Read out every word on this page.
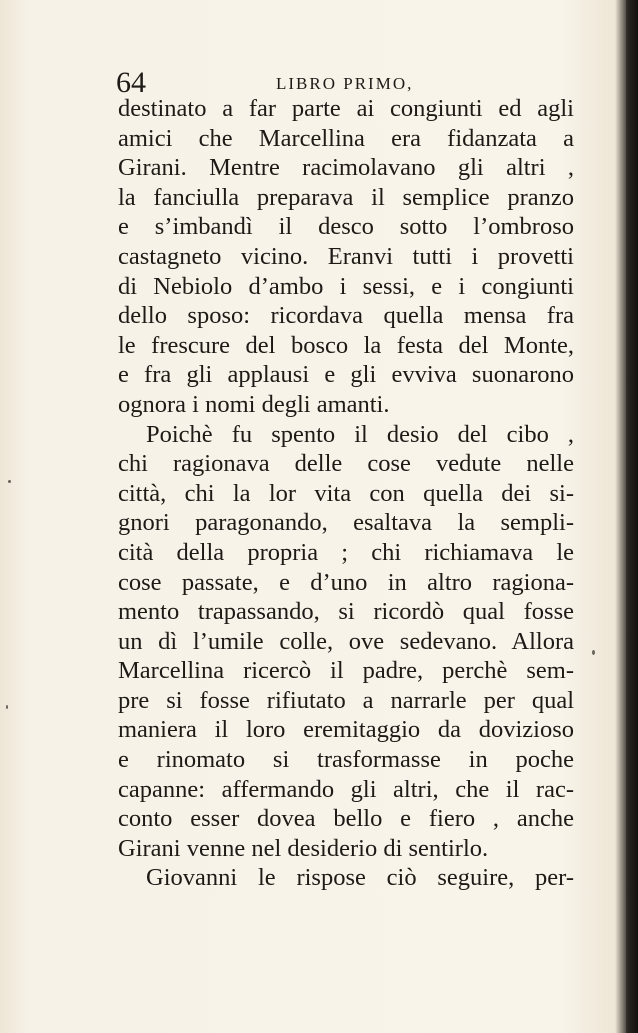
64	LIBRO PRIMO,
destinato a far parte ai congiunti ed agli
amici che Marcellina era fidanzata a
Girani. Mentre racimolavano gli altri ,
la fanciulla preparava il semplice pranzo
e s’imbandì il desco sotto l’ombroso
castagneto vicino. Eranvi tutti i provetti
di Nebiolo d’ambo i sessi, e i congiunti
dello sposo: ricordava quella mensa fra
le frescure del bosco la festa del Monte,
e fra gli applausi e gli evviva suonarono
ognora i nomi degli amanti.
Poichè fu spento il desio del cibo ,
chi ragionava delle cose vedute nelle
città, chi la lor vita con quella dei si-
gnori paragonando, esaltava la sempli-
cità della propria ; chi richiamava le
cose passate, e d’uno in altro ragiona-
mento trapassando, si ricordò qual fosse
un dì l’umile colle, ove sedevano. Allora
Marcellina ricercò il padre, perchè sem-
pre si fosse rifiutato a narrarle per qual
maniera il loro eremitaggio da dovizioso
e rinomato si trasformasse in poche
capanne: affermando gli altri, che il rac-
conto esser dovea bello e fiero , anche
Girani venne nel desiderio di sentirlo.
Giovanni le rispose ciò seguire, per-
